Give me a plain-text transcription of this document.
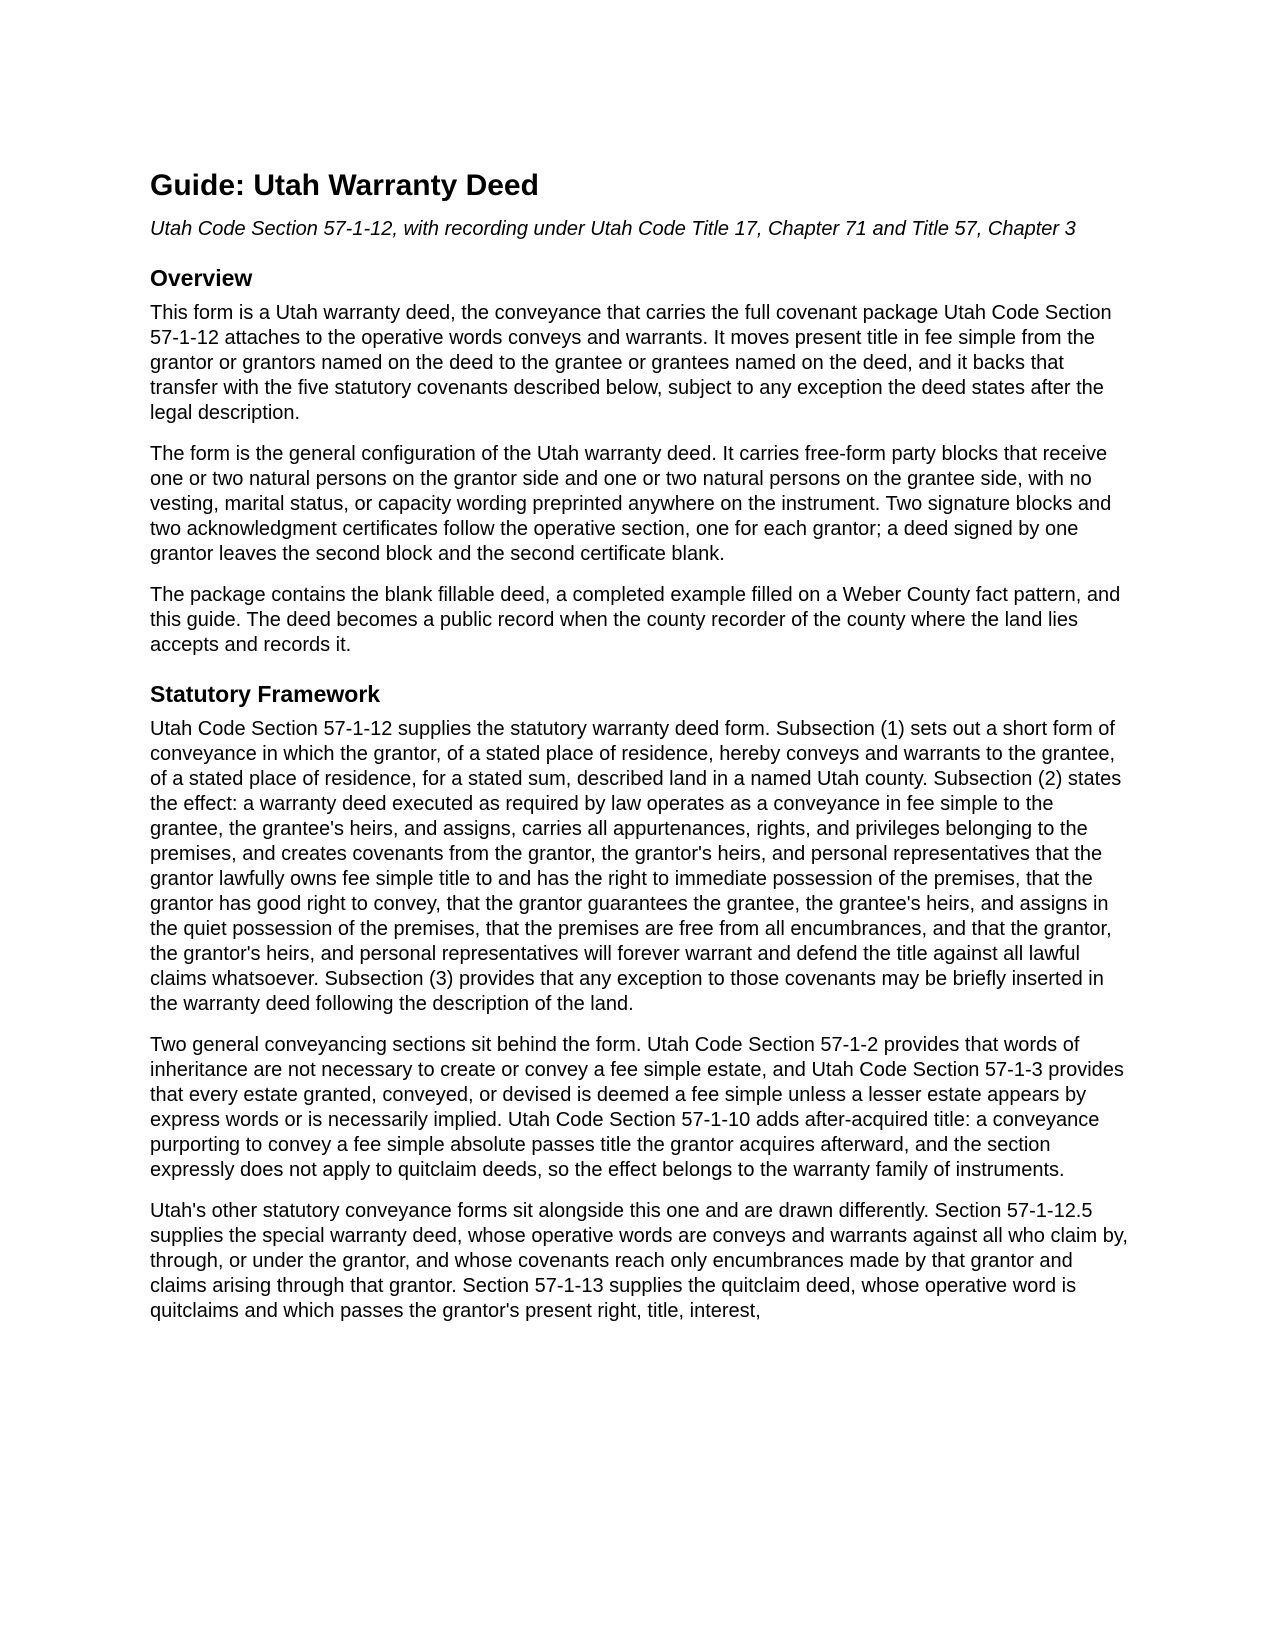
Guide: Utah Warranty Deed

Utah Code Section 57-1-12, with recording under Utah Code Title 17, Chapter 71 and Title 57, Chapter 3

Overview

This form is a Utah warranty deed, the conveyance that carries the full covenant package Utah Code Section 57-1-12 attaches to the operative words conveys and warrants. It moves present title in fee simple from the grantor or grantors named on the deed to the grantee or grantees named on the deed, and it backs that transfer with the five statutory covenants described below, subject to any exception the deed states after the legal description.

The form is the general configuration of the Utah warranty deed. It carries free-form party blocks that receive one or two natural persons on the grantor side and one or two natural persons on the grantee side, with no vesting, marital status, or capacity wording preprinted anywhere on the instrument. Two signature blocks and two acknowledgment certificates follow the operative section, one for each grantor; a deed signed by one grantor leaves the second block and the second certificate blank.

The package contains the blank fillable deed, a completed example filled on a Weber County fact pattern, and this guide. The deed becomes a public record when the county recorder of the county where the land lies accepts and records it.

Statutory Framework

Utah Code Section 57-1-12 supplies the statutory warranty deed form. Subsection (1) sets out a short form of conveyance in which the grantor, of a stated place of residence, hereby conveys and warrants to the grantee, of a stated place of residence, for a stated sum, described land in a named Utah county. Subsection (2) states the effect: a warranty deed executed as required by law operates as a conveyance in fee simple to the grantee, the grantee's heirs, and assigns, carries all appurtenances, rights, and privileges belonging to the premises, and creates covenants from the grantor, the grantor's heirs, and personal representatives that the grantor lawfully owns fee simple title to and has the right to immediate possession of the premises, that the grantor has good right to convey, that the grantor guarantees the grantee, the grantee's heirs, and assigns in the quiet possession of the premises, that the premises are free from all encumbrances, and that the grantor, the grantor's heirs, and personal representatives will forever warrant and defend the title against all lawful claims whatsoever. Subsection (3) provides that any exception to those covenants may be briefly inserted in the warranty deed following the description of the land.

Two general conveyancing sections sit behind the form. Utah Code Section 57-1-2 provides that words of inheritance are not necessary to create or convey a fee simple estate, and Utah Code Section 57-1-3 provides that every estate granted, conveyed, or devised is deemed a fee simple unless a lesser estate appears by express words or is necessarily implied. Utah Code Section 57-1-10 adds after-acquired title: a conveyance purporting to convey a fee simple absolute passes title the grantor acquires afterward, and the section expressly does not apply to quitclaim deeds, so the effect belongs to the warranty family of instruments.

Utah's other statutory conveyance forms sit alongside this one and are drawn differently. Section 57-1-12.5 supplies the special warranty deed, whose operative words are conveys and warrants against all who claim by, through, or under the grantor, and whose covenants reach only encumbrances made by that grantor and claims arising through that grantor. Section 57-1-13 supplies the quitclaim deed, whose operative word is quitclaims and which passes the grantor's present right, title, interest,
